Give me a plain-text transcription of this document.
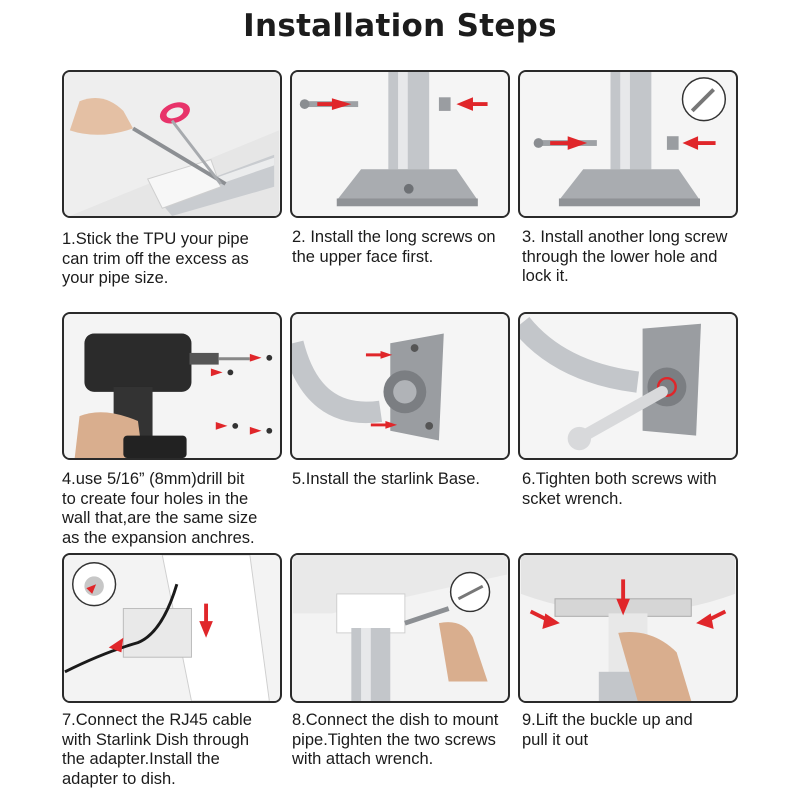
Installation Steps
1.Stick the TPU your pipe
can trim off the excess as
your pipe size.
2. Install the long screws on
the upper face first.
3. Install another long screw
through the lower hole and
lock it.
4.use 5/16” (8mm)drill bit
to create four holes in the
wall that,are the same size
as the expansion anchres.
5.Install the starlink Base.	6.Tighten both screws with
scket wrench.
7.Connect the RJ45 cable
with Starlink Dish through
the adapter.Install the
adapter to dish.
8.Connect the dish to mount
pipe.Tighten the two screws
with attach wrench.
9.Lift the buckle up and
pull it out
